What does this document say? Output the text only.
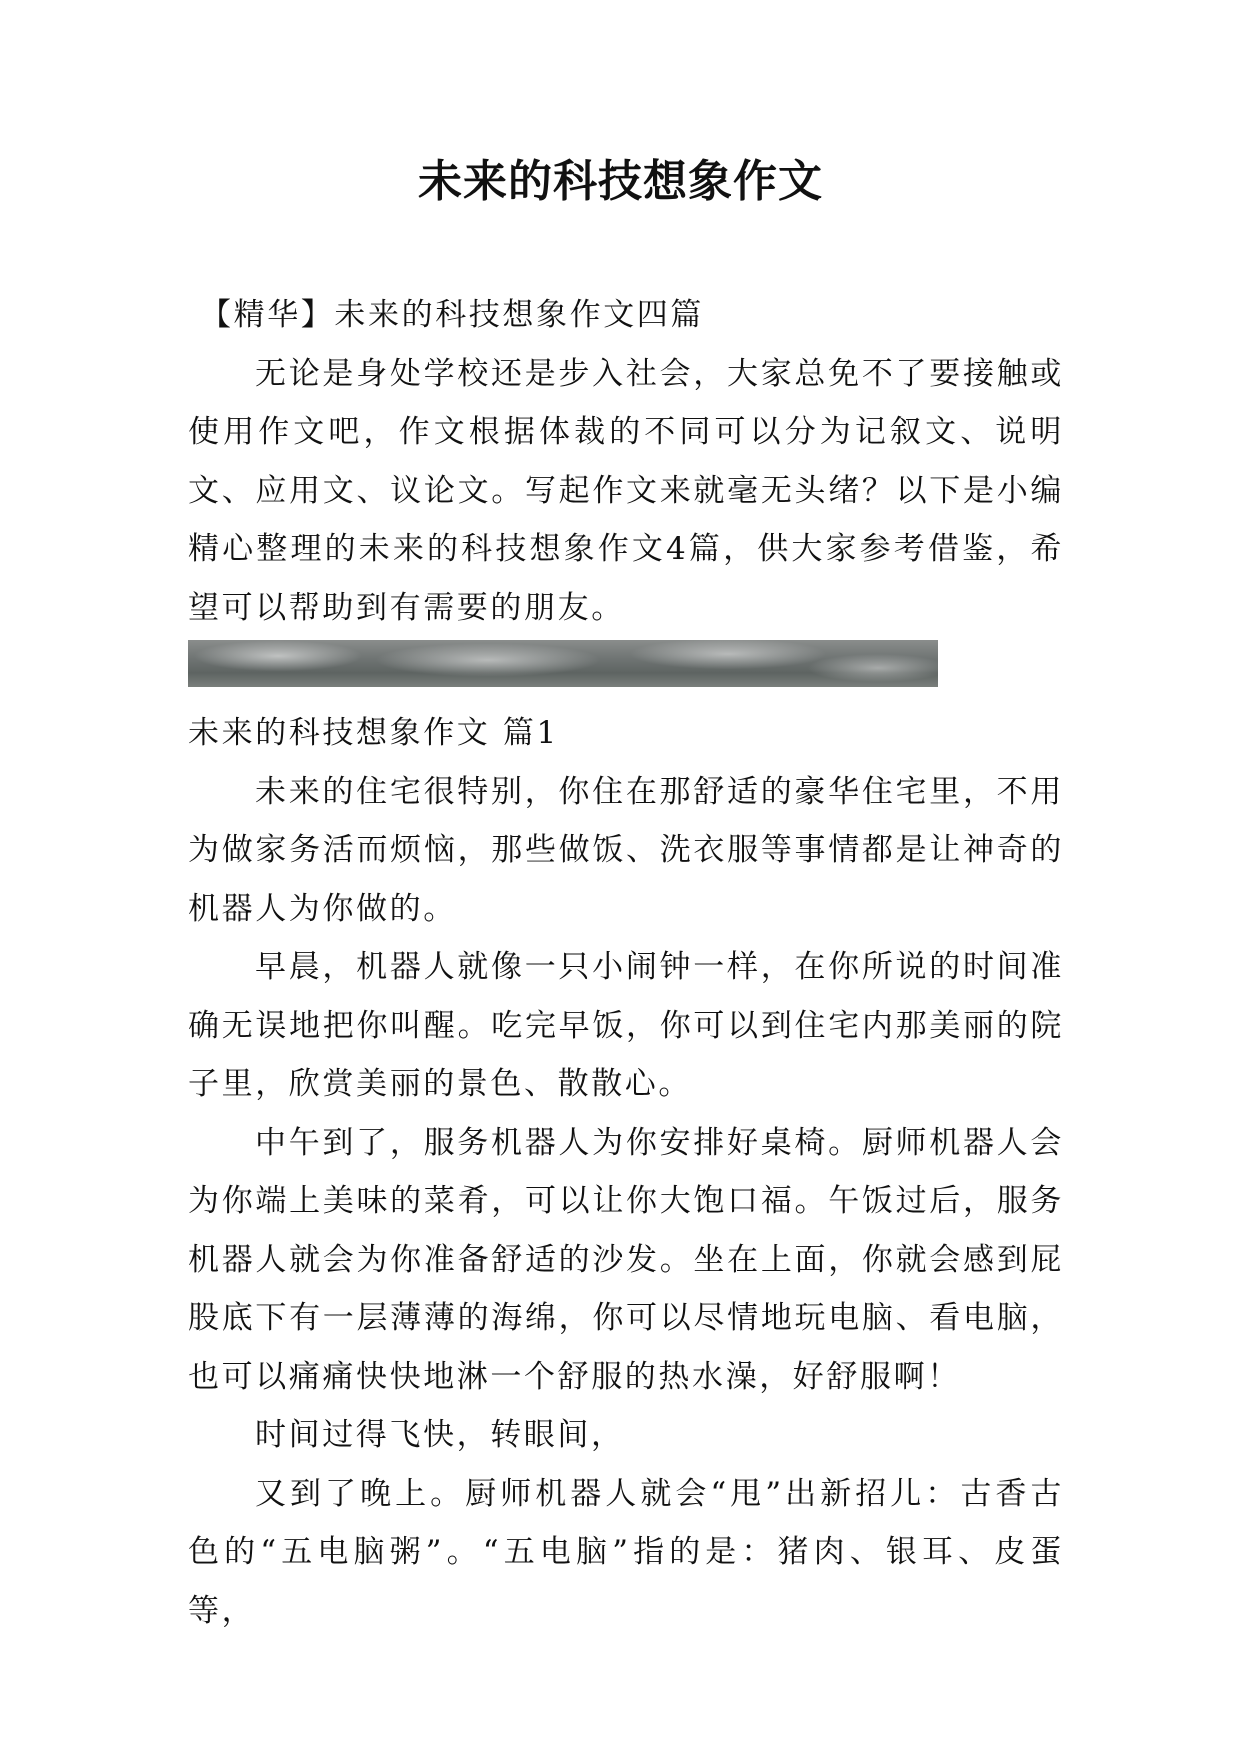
未来的科技想象作文

【精华】未来的科技想象作文四篇

无论是身处学校还是步入社会，大家总免不了要接触或使用作文吧，作文根据体裁的不同可以分为记叙文、说明文、应用文、议论文。写起作文来就毫无头绪？以下是小编精心整理的未来的科技想象作文4篇，供大家参考借鉴，希望可以帮助到有需要的朋友。

未来的科技想象作文 篇1

未来的住宅很特别，你住在那舒适的豪华住宅里，不用为做家务活而烦恼，那些做饭、洗衣服等事情都是让神奇的机器人为你做的。

早晨，机器人就像一只小闹钟一样，在你所说的时间准确无误地把你叫醒。吃完早饭，你可以到住宅内那美丽的院子里，欣赏美丽的景色、散散心。

中午到了，服务机器人为你安排好桌椅。厨师机器人会为你端上美味的菜肴，可以让你大饱口福。午饭过后，服务机器人就会为你准备舒适的沙发。坐在上面，你就会感到屁股底下有一层薄薄的海绵，你可以尽情地玩电脑、看电脑，也可以痛痛快快地淋一个舒服的热水澡，好舒服啊！

时间过得飞快，转眼间，

又到了晚上。厨师机器人就会“甩”出新招儿：古香古色的“五电脑粥”。“五电脑”指的是：猪肉、银耳、皮蛋等，
